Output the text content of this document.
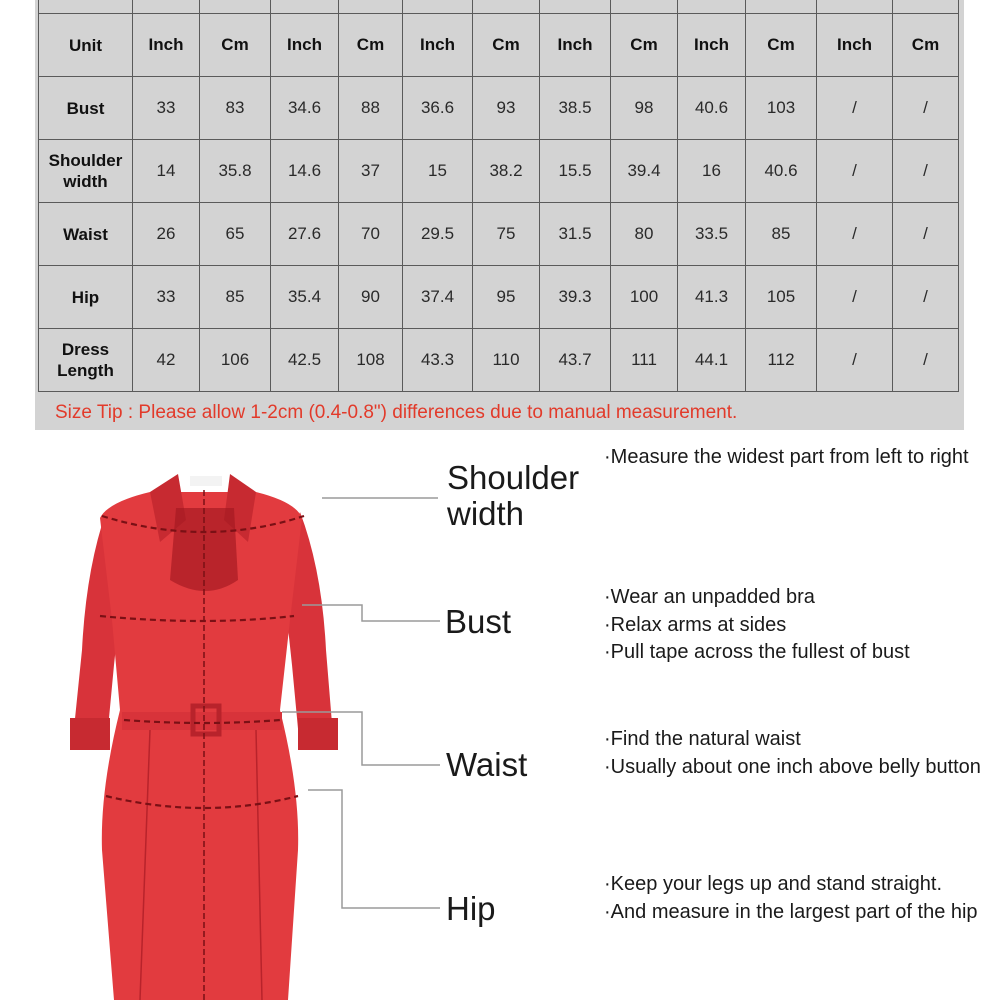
Unit	Inch	Cm	Inch	Cm	Inch	Cm	Inch	Cm	Inch	Cm	Inch	Cm
Bust	33	83	34.6	88	36.6	93	38.5	98	40.6	103	/	/
Shoulder width	14	35.8	14.6	37	15	38.2	15.5	39.4	16	40.6	/	/
Waist	26	65	27.6	70	29.5	75	31.5	80	33.5	85	/	/
Hip	33	85	35.4	90	37.4	95	39.3	100	41.3	105	/	/
Dress Length	42	106	42.5	108	43.3	110	43.7	111	44.1	112	/	/

Size Tip : Please allow 1-2cm (0.4-0.8") differences due to manual measurement.

Shoulder width
· Measure the widest part from left to right
Bust
· Wear an unpadded bra
· Relax arms at sides
· Pull tape across the fullest of bust
Waist
· Find the natural waist
· Usually about one inch above belly button
Hip
· Keep your legs up and stand straight.
· And measure in the largest part of the hip
